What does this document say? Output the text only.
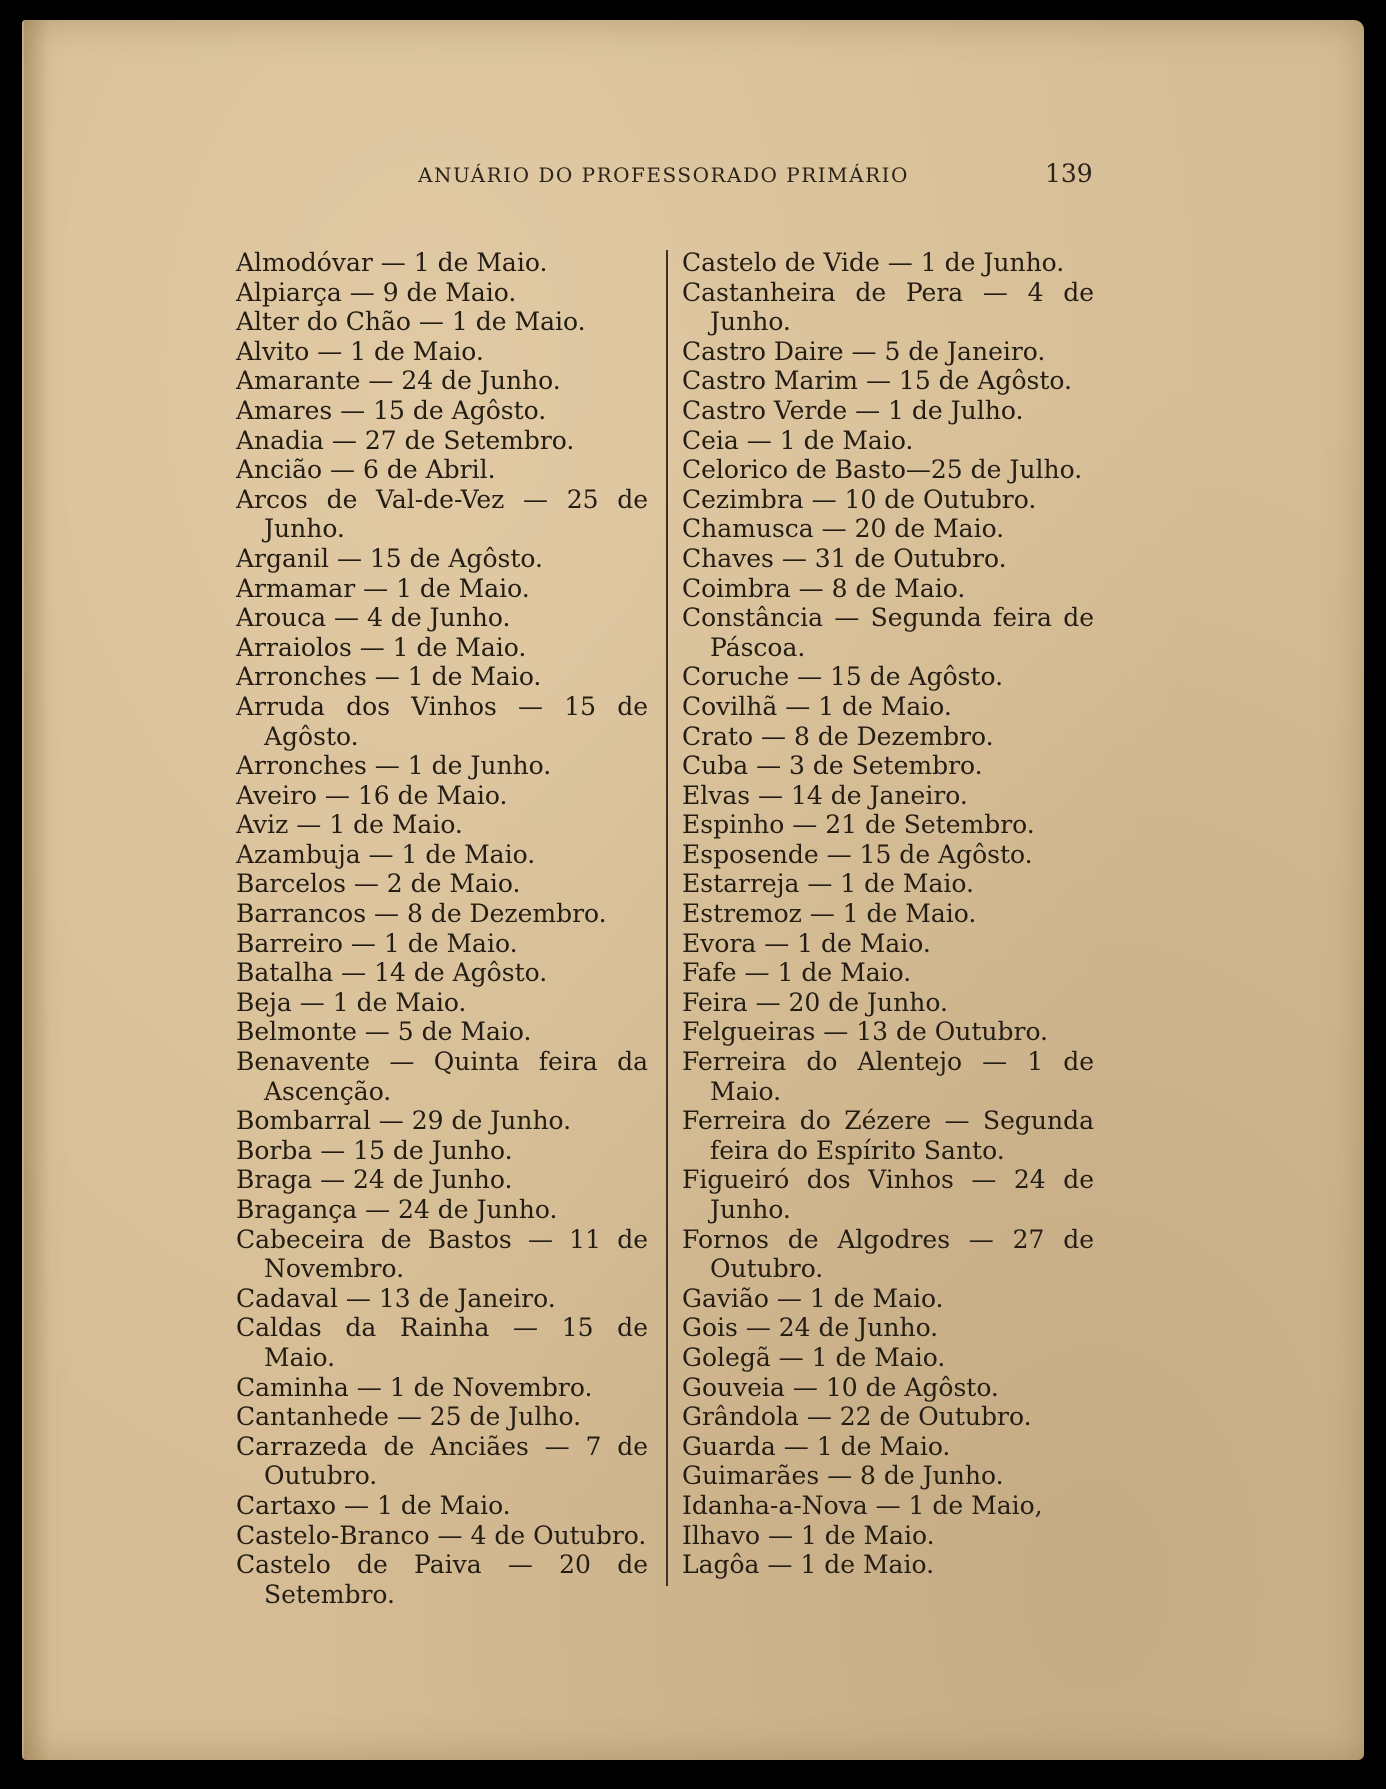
ANUÁRIO DO PROFESSORADO PRIMÁRIO	139
Almodóvar — 1 de Maio.
Alpiarça — 9 de Maio.
Alter do Chão — 1 de Maio.
Alvito — 1 de Maio.
Amarante — 24 de Junho.
Amares — 15 de Agôsto.
Anadia — 27 de Setembro.
Ancião — 6 de Abril.
Arcos de Val-de-Vez — 25 de Junho.
Arganil — 15 de Agôsto.
Armamar — 1 de Maio.
Arouca — 4 de Junho.
Arraiolos — 1 de Maio.
Arronches — 1 de Maio.
Arruda dos Vinhos — 15 de Agôsto.
Arronches — 1 de Junho.
Aveiro — 16 de Maio.
Aviz — 1 de Maio.
Azambuja — 1 de Maio.
Barcelos — 2 de Maio.
Barrancos — 8 de Dezembro.
Barreiro — 1 de Maio.
Batalha — 14 de Agôsto.
Beja — 1 de Maio.
Belmonte — 5 de Maio.
Benavente — Quinta feira da Ascenção.
Bombarral — 29 de Junho.
Borba — 15 de Junho.
Braga — 24 de Junho.
Bragança — 24 de Junho.
Cabeceira de Bastos — 11 de Novembro.
Cadaval — 13 de Janeiro.
Caldas da Rainha — 15 de Maio.
Caminha — 1 de Novembro.
Cantanhede — 25 de Julho.
Carrazeda de Anciães — 7 de Outubro.
Cartaxo — 1 de Maio.
Castelo-Branco — 4 de Outubro.
Castelo de Paiva — 20 de Setembro.
Castelo de Vide — 1 de Junho.
Castanheira de Pera — 4 de Junho.
Castro Daire — 5 de Janeiro.
Castro Marim — 15 de Agôsto.
Castro Verde — 1 de Julho.
Ceia — 1 de Maio.
Celorico de Basto—25 de Julho.
Cezimbra — 10 de Outubro.
Chamusca — 20 de Maio.
Chaves — 31 de Outubro.
Coimbra — 8 de Maio.
Constância — Segunda feira de Páscoa.
Coruche — 15 de Agôsto.
Covilhã — 1 de Maio.
Crato — 8 de Dezembro.
Cuba — 3 de Setembro.
Elvas — 14 de Janeiro.
Espinho — 21 de Setembro.
Esposende — 15 de Agôsto.
Estarreja — 1 de Maio.
Estremoz — 1 de Maio.
Evora — 1 de Maio.
Fafe — 1 de Maio.
Feira — 20 de Junho.
Felgueiras — 13 de Outubro.
Ferreira do Alentejo — 1 de Maio.
Ferreira do Zézere — Segunda feira do Espírito Santo.
Figueiró dos Vinhos — 24 de Junho.
Fornos de Algodres — 27 de Outubro.
Gavião — 1 de Maio.
Gois — 24 de Junho.
Golegã — 1 de Maio.
Gouveia — 10 de Agôsto.
Grândola — 22 de Outubro.
Guarda — 1 de Maio.
Guimarães — 8 de Junho.
Idanha-a-Nova — 1 de Maio,
Ilhavo — 1 de Maio.
Lagôa — 1 de Maio.
